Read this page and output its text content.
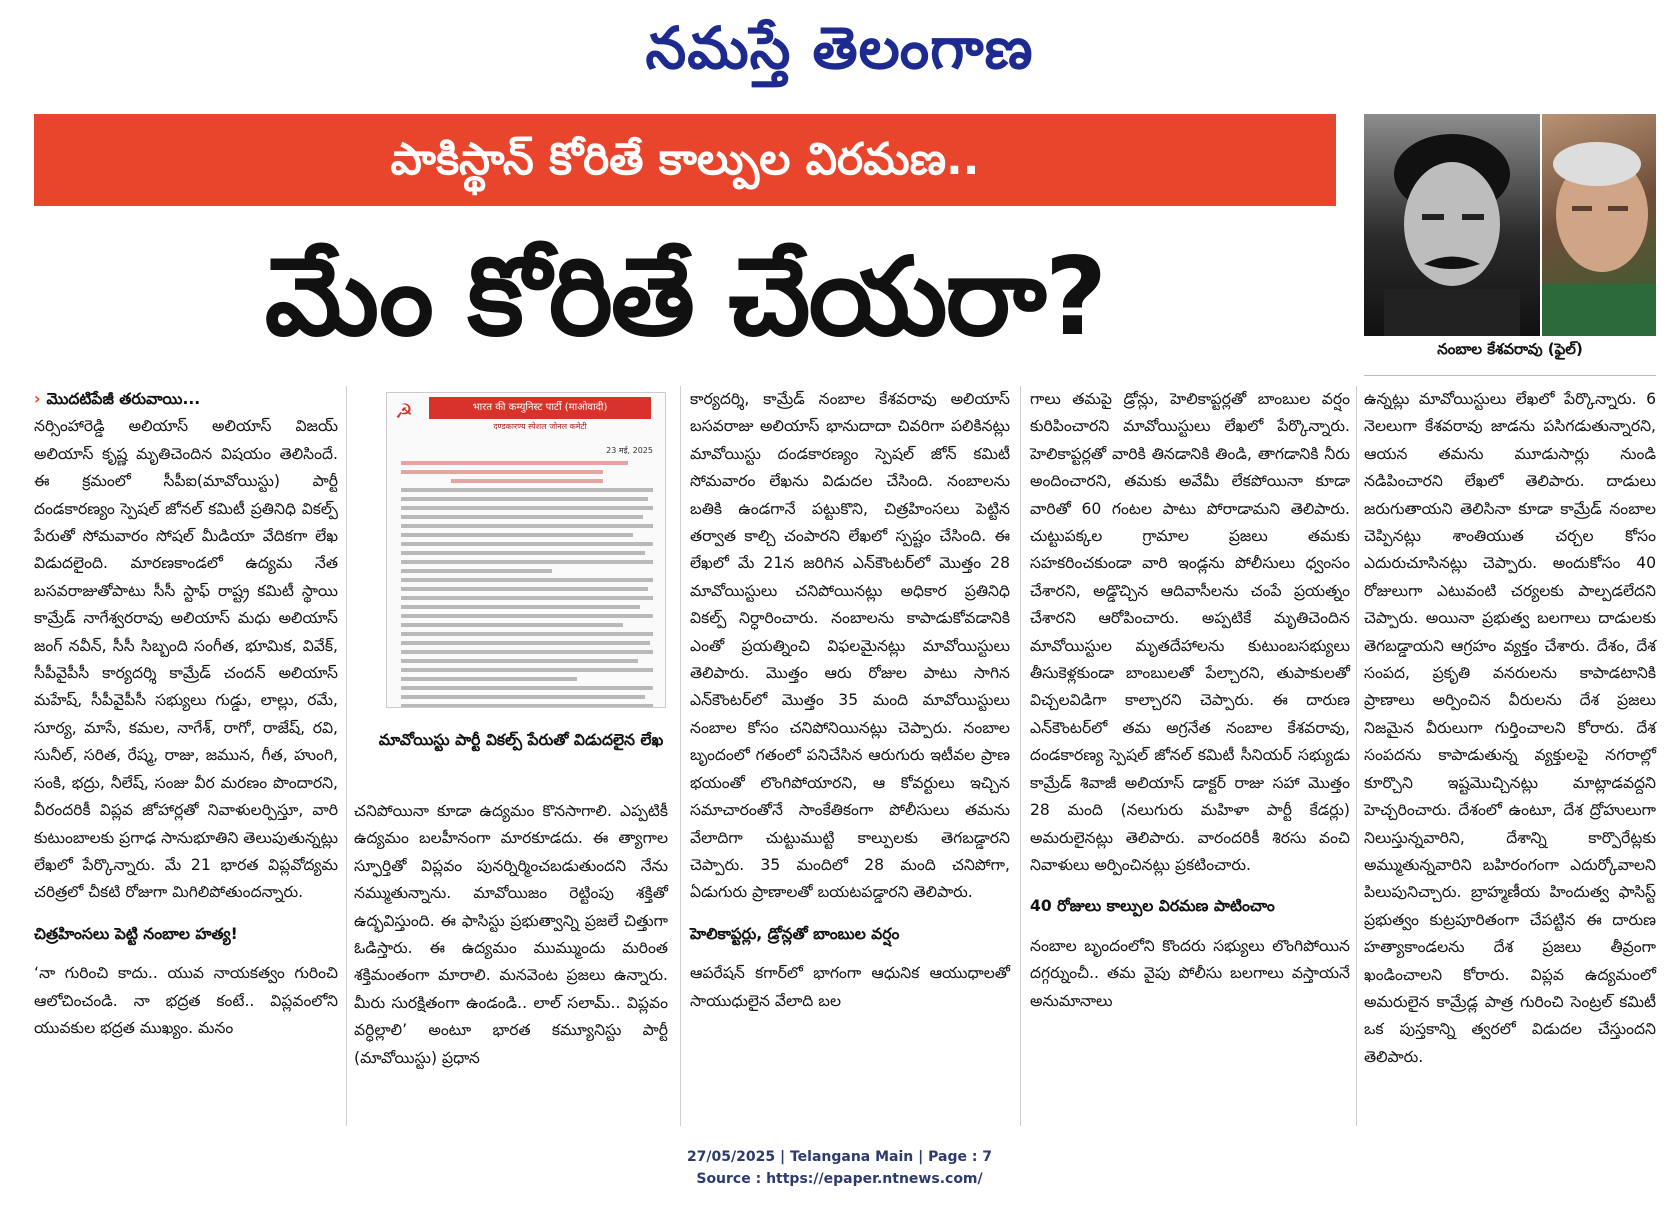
నమస్తే తెలంగాణ
పాకిస్థాన్ కోరితే కాల్పుల విరమణ..
మేం కోరితే చేయరా?	నంబాల కేశవరావు (ఫైల్)

› మొదటిపేజీ తరువాయి...

నర్సింహారెడ్డి అలియాస్ అలియాస్ విజయ్ అలియాస్ కృష్ణ మృతిచెందిన విషయం తెలిసిందే. ఈ క్రమంలో సీపీఐ(మావోయిస్టు) పార్టీ దండకారణ్యం స్పెషల్ జోనల్ కమిటీ ప్రతినిధి వికల్ప్ పేరుతో సోమవారం సోషల్ మీడియా వేదికగా లేఖ విడుదలైంది. మారణకాండలో ఉద్యమ నేత బసవరాజుతోపాటు సీసీ స్టాఫ్ రాష్ట్ర కమిటీ స్థాయి కామ్రేడ్ నాగేశ్వరరావు అలియాస్ మధు అలియాస్ జంగ్ నవీన్, సీసీ సిబ్బంది సంగీత, భూమిక, వివేక్, సీపీవైపీసీ కార్యదర్శి కామ్రేడ్ చందన్ అలియాస్ మహేష్, సీపీవైపీసీ సభ్యులు గుడ్డు, లాల్లు, రమే, సూర్య, మాసే, కమల, నాగేశ్, రాగో, రాజేష్, రవి, సునీల్, సరిత, రేష్మ, రాజు, జమున, గీత, హుంగి, సంకి, భద్రు, నీలేష్, సంజు వీర మరణం పొందారని, వీరందరికీ విప్లవ జోహార్లతో నివాళులర్పిస్తూ, వారి కుటుంబాలకు ప్రగాఢ సానుభూతిని తెలుపుతున్నట్లు లేఖలో పేర్కొన్నారు. మే 21 భారత విప్లవోద్యమ చరిత్రలో చీకటి రోజుగా మిగిలిపోతుందన్నారు.

చిత్రహింసలు పెట్టి నంబాల హత్య!

‘నా గురించి కాదు.. యువ నాయకత్వం గురించి ఆలోచించండి. నా భద్రత కంటే.. విప్లవంలోని యువకుల భద్రత ముఖ్యం. మనం

☭	भारत की कम्युनिस्ट पार्टी (माओवादी)
दण्डकारण्य स्पेशल जोनल कमेटी
23 मई, 2025
మావోయిస్టు పార్టీ వికల్ప్ పేరుతో విడుదలైన లేఖ

చనిపోయినా కూడా ఉద్యమం కొనసాగాలి. ఎప్పటికీ ఉద్యమం బలహీనంగా మారకూడదు. ఈ త్యాగాల స్ఫూర్తితో విప్లవం పునర్నిర్మించబడుతుందని నేను నమ్ముతున్నాను. మావోయిజం రెట్టింపు శక్తితో ఉద్భవిస్తుంది. ఈ ఫాసిస్టు ప్రభుత్వాన్ని ప్రజలే చిత్తుగా ఓడిస్తారు. ఈ ఉద్యమం ముమ్ముందు మరింత శక్తిమంతంగా మారాలి. మనవెంట ప్రజలు ఉన్నారు. మీరు సురక్షితంగా ఉండండి.. లాల్ సలామ్.. విప్లవం వర్ధిల్లాలి’ అంటూ భారత కమ్యూనిస్టు పార్టీ (మావోయిస్టు) ప్రధాన

కార్యదర్శి, కామ్రేడ్ నంబాల కేశవరావు అలియాస్ బసవరాజు అలియాస్ భానుదాదా చివరిగా పలికినట్లు మావోయిస్టు దండకారణ్యం స్పెషల్ జోన్ కమిటీ సోమవారం లేఖను విడుదల చేసింది. నంబాలను బతికి ఉండగానే పట్టుకొని, చిత్రహింసలు పెట్టిన తర్వాత కాల్చి చంపారని లేఖలో స్పష్టం చేసింది. ఈ లేఖలో మే 21న జరిగిన ఎన్‌కౌంటర్‌లో మొత్తం 28 మావోయిస్టులు చనిపోయినట్లు అధికార ప్రతినిధి వికల్ప్ నిర్ధారించారు. నంబాలను కాపాడుకోవడానికి ఎంతో ప్రయత్నించి విఫలమైనట్లు మావోయిస్టులు తెలిపారు. మొత్తం ఆరు రోజుల పాటు సాగిన ఎన్‌కౌంటర్‌లో మొత్తం 35 మంది మావోయిస్టులు నంబాల కోసం చనిపోనియినట్లు చెప్పారు. నంబాల బృందంలో గతంలో పనిచేసిన ఆరుగురు ఇటీవల ప్రాణ భయంతో లొంగిపోయారని, ఆ కోవర్టులు ఇచ్చిన సమాచారంతోనే సాంకేతికంగా పోలీసులు తమను వేలాదిగా చుట్టుముట్టి కాల్పులకు తెగబడ్డారని చెప్పారు. 35 మందిలో 28 మంది చనిపోగా, ఏడుగురు ప్రాణాలతో బయటపడ్డారని తెలిపారు.

హెలికాప్టర్లు, డ్రోన్లతో బాంబుల వర్షం

ఆపరేషన్ కగార్‌లో భాగంగా ఆధునిక ఆయుధాలతో సాయుధులైన వేలాది బల

గాలు తమపై డ్రోన్లు, హెలికాప్టర్లతో బాంబుల వర్షం కురిపించారని మావోయిస్టులు లేఖలో పేర్కొన్నారు. హెలికాప్టర్లతో వారికి తినడానికి తిండి, తాగడానికి నీరు అందించారని, తమకు అవేమీ లేకపోయినా కూడా వారితో 60 గంటల పాటు పోరాడామని తెలిపారు. చుట్టుపక్కల గ్రామాల ప్రజలు తమకు సహకరించకుండా వారి ఇండ్లను పోలీసులు ధ్వంసం చేశారని, అడ్డొచ్చిన ఆదివాసీలను చంపే ప్రయత్నం చేశారని ఆరోపించారు. అప్పటికే మృతిచెందిన మావోయిస్టుల మృతదేహాలను కుటుంబసభ్యులు తీసుకెళ్లకుండా బాంబులతో పేల్చారని, తుపాకులతో విచ్చలవిడిగా కాల్చారని చెప్పారు. ఈ దారుణ ఎన్‌కౌంటర్‌లో తమ అగ్రనేత నంబాల కేశవరావు, దండకారణ్య స్పెషల్ జోనల్ కమిటీ సీనియర్ సభ్యుడు కామ్రేడ్ శివాజీ అలియాస్ డాక్టర్ రాజు సహా మొత్తం 28 మంది (నలుగురు మహిళా పార్టీ కేడర్లు) అమరులైనట్లు తెలిపారు. వారందరికీ శిరసు వంచి నివాళులు అర్పించినట్లు ప్రకటించారు.

40 రోజులు కాల్పుల విరమణ పాటించాం

నంబాల బృందంలోని కొందరు సభ్యులు లొంగిపోయిన దగ్గర్నుంచీ.. తమ వైపు పోలీసు బలగాలు వస్తాయనే అనుమానాలు

ఉన్నట్లు మావోయిస్టులు లేఖలో పేర్కొన్నారు. 6 నెలలుగా కేశవరావు జాడను పసిగడుతున్నారని, ఆయన తమను మూడుసార్లు నుండి నడిపించారని లేఖలో తెలిపారు. దాడులు జరుగుతాయని తెలిసినా కూడా కామ్రేడ్ నంబాల చెప్పినట్లు శాంతియుత చర్చల కోసం ఎదురుచూసినట్లు చెప్పారు. అందుకోసం 40 రోజులుగా ఎటువంటి చర్యలకు పాల్పడలేదని చెప్పారు. అయినా ప్రభుత్వ బలగాలు దాడులకు తెగబడ్డాయని ఆగ్రహం వ్యక్తం చేశారు. దేశం, దేశ సంపద, ప్రకృతి వనరులను కాపాడటానికి ప్రాణాలు అర్పించిన వీరులను దేశ ప్రజలు నిజమైన వీరులుగా గుర్తించాలని కోరారు. దేశ సంపదను కాపాడుతున్న వ్యక్తులపై నగరాల్లో కూర్చొని ఇష్టమొచ్చినట్లు మాట్లాడవద్దని హెచ్చరించారు. దేశంలో ఉంటూ, దేశ ద్రోహులుగా నిలుస్తున్నవారిని, దేశాన్ని కార్పొరేట్లకు అమ్ముతున్నవారిని బహిరంగంగా ఎదుర్కోవాలని పిలుపునిచ్చారు. బ్రాహ్మణీయ హిందుత్వ ఫాసిస్ట్ ప్రభుత్వం కుట్రపూరితంగా చేపట్టిన ఈ దారుణ హత్యాకాండలను దేశ ప్రజలు తీవ్రంగా ఖండించాలని కోరారు. విప్లవ ఉద్యమంలో అమరులైన కామ్రేడ్ల పాత్ర గురించి సెంట్రల్ కమిటీ ఒక పుస్తకాన్ని త్వరలో విడుదల చేస్తుందని తెలిపారు.

27/05/2025 | Telangana Main | Page : 7
Source : https://epaper.ntnews.com/
